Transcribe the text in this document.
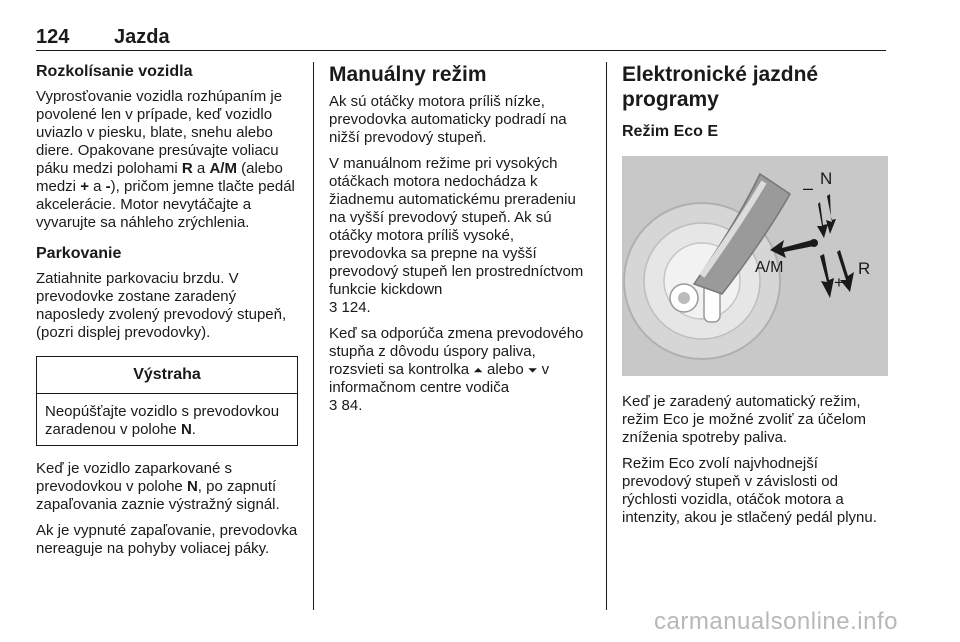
124 Jazda
Rozkolísanie vozidla

Vyprosťovanie vozidla rozhúpaním je povolené len v prípade, keď vozidlo uviazlo v piesku, blate, snehu alebo diere. Opakovane presúvajte voliacu páku medzi polohami R a A/M (alebo medzi + a -), pričom jemne tlačte pedál akcelerácie. Motor nevytáčajte a vyvarujte sa náhleho zrýchlenia.

Parkovanie

Zatiahnite parkovaciu brzdu. V prevodovke zostane zaradený naposledy zvolený prevodový stupeň, (pozri displej prevodovky).

Výstraha

Neopúšťajte vozidlo s prevodovkou zaradenou v polohe N.

Keď je vozidlo zaparkované s prevodovkou v polohe N, po zapnutí zapaľovania zaznie výstražný signál.

Ak je vypnuté zapaľovanie, prevodovka nereaguje na pohyby voliacej páky.

Manuálny režim

Ak sú otáčky motora príliš nízke, prevodovka automaticky podradí na nižší prevodový stupeň.

V manuálnom režime pri vysokých otáčkach motora nedochádza k žiadnemu automatickému preradeniu na vyšší prevodový stupeň. Ak sú otáčky motora príliš vysoké, prevodovka sa prepne na vyšší prevodový stupeň len prostredníctvom funkcie kickdown
3 124.

Keď sa odporúča zmena prevodového stupňa z dôvodu úspory paliva, rozsvieti sa kontrolka ⏶ alebo ⏷ v informačnom centre vodiča
3 84.

Elektronické jazdné programy
Režim Eco E
– N
A/M
+
R

Keď je zaradený automatický režim, režim Eco je možné zvoliť za účelom zníženia spotreby paliva.

Režim Eco zvolí najvhodnejší prevodový stupeň v závislosti od rýchlosti vozidla, otáčok motora a intenzity, akou je stlačený pedál plynu.

carmanualsonline.info
